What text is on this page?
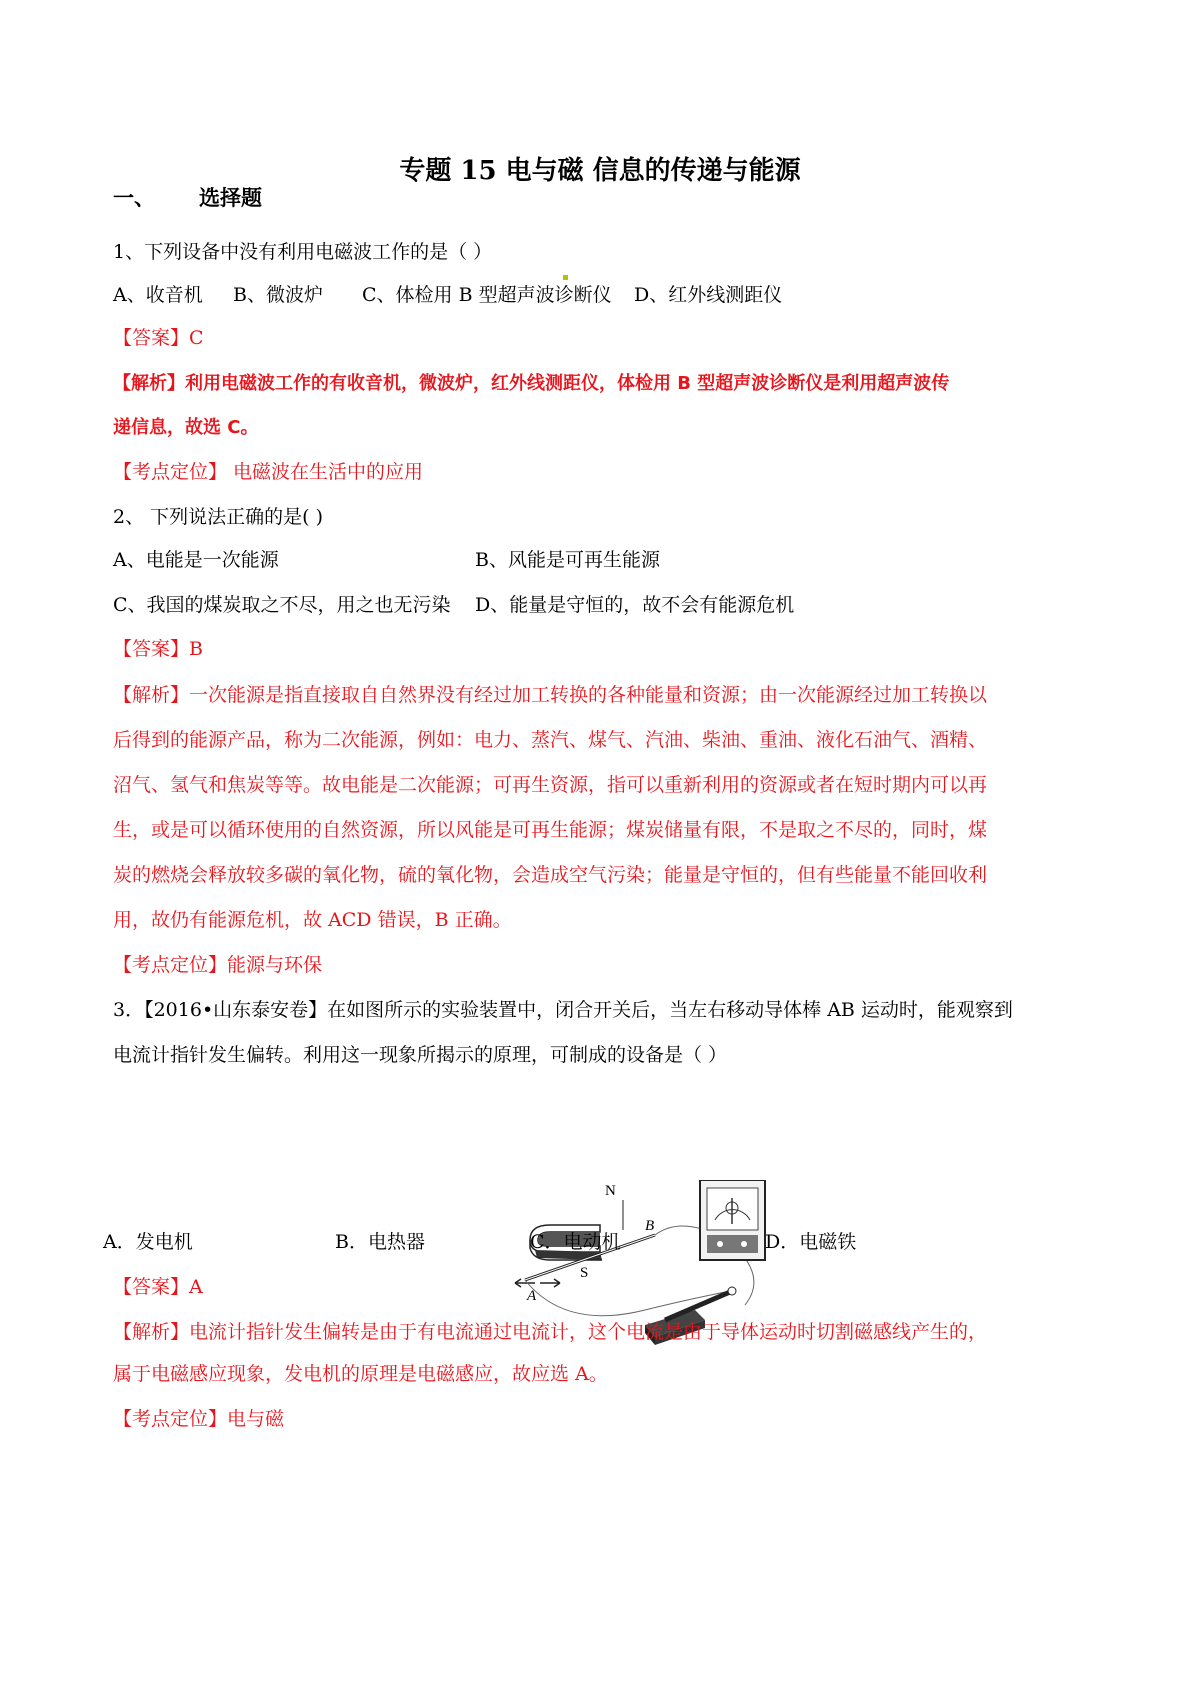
专题 15 电与磁 信息的传递与能源
一、 选择题
1、下列设备中没有利用电磁波工作的是（ ）
A、收音机 B、微波炉 C、体检用 B 型超声波诊断仪 D、红外线测距仪
【答案】C
【解析】利用电磁波工作的有收音机，微波炉，红外线测距仪，体检用 B 型超声波诊断仪是利用超声波传
递信息，故选 C。
【考点定位】 电磁波在生活中的应用
2、 下列说法正确的是( )
A、电能是一次能源	B、风能是可再生能源
C、我国的煤炭取之不尽，用之也无污染 D、能量是守恒的，故不会有能源危机
【答案】B
【解析】一次能源是指直接取自自然界没有经过加工转换的各种能量和资源；由一次能源经过加工转换以
后得到的能源产品，称为二次能源，例如：电力、蒸汽、煤气、汽油、柴油、重油、液化石油气、酒精、
沼气、氢气和焦炭等等。故电能是二次能源；可再生资源，指可以重新利用的资源或者在短时期内可以再
生，或是可以循环使用的自然资源，所以风能是可再生能源；煤炭储量有限，不是取之不尽的，同时，煤
炭的燃烧会释放较多碳的氧化物，硫的氧化物，会造成空气污染；能量是守恒的，但有些能量不能回收利
用，故仍有能源危机，故 ACD 错误，B 正确。
【考点定位】能源与环保
3．【2016•山东泰安卷】在如图所示的实验装置中，闭合开关后，当左右移动导体棒 AB 运动时，能观察到
电流计指针发生偏转。利用这一现象所揭示的原理，可制成的设备是（ ）
N
S
A
B
A．发电机	B．电热器	C．电动机	D．电磁铁
【答案】A
【解析】电流计指针发生偏转是由于有电流通过电流计，这个电流是由于导体运动时切割磁感线产生的，
属于电磁感应现象，发电机的原理是电磁感应，故应选 A。
【考点定位】电与磁
